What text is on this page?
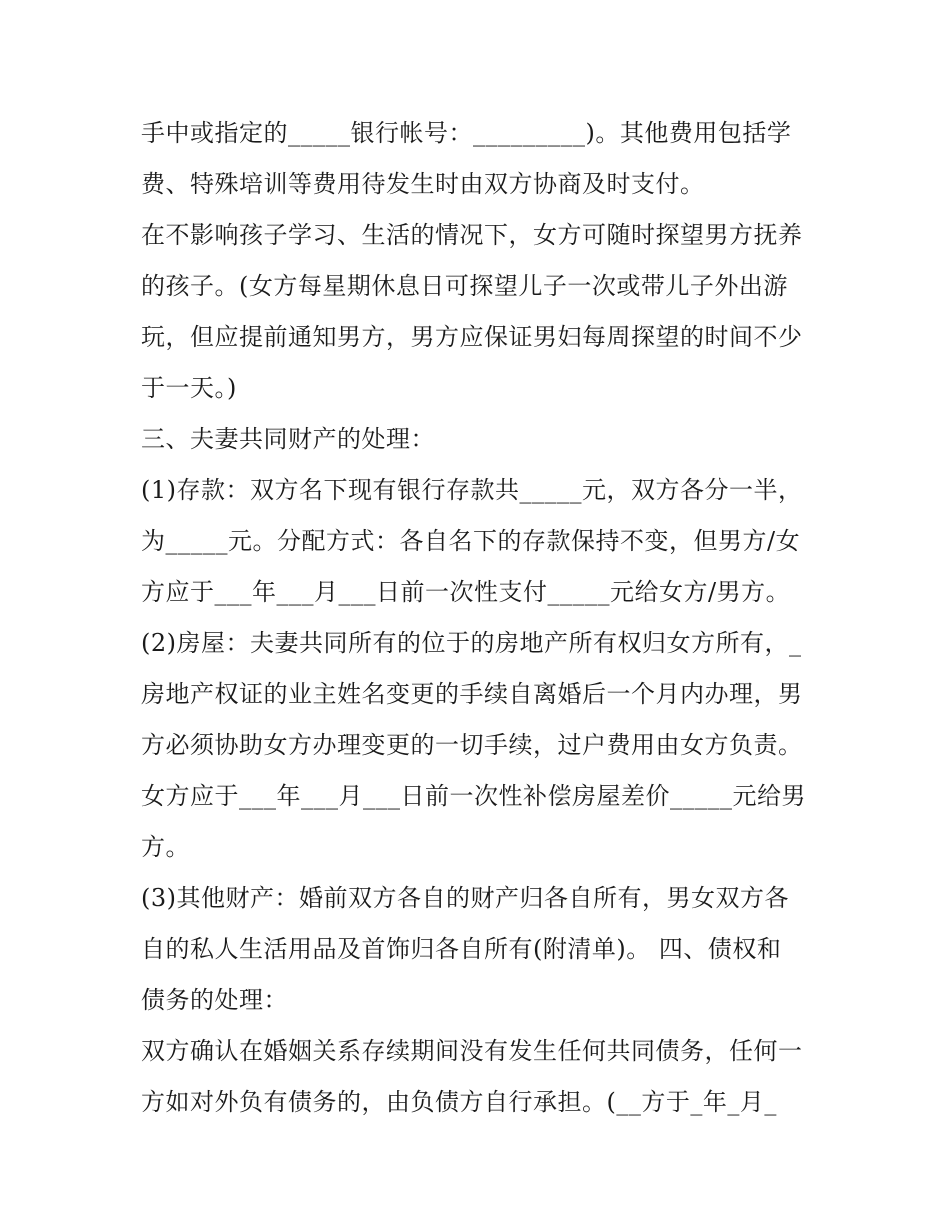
手中或指定的_____银行帐号：_________)。其他费用包括学
费、特殊培训等费用待发生时由双方协商及时支付。
在不影响孩子学习、生活的情况下，女方可随时探望男方抚养
的孩子。(女方每星期休息日可探望儿子一次或带儿子外出游
玩，但应提前通知男方，男方应保证男妇每周探望的时间不少
于一天。)
三、夫妻共同财产的处理：
(1)存款：双方名下现有银行存款共_____元，双方各分一半，
为_____元。分配方式：各自名下的存款保持不变，但男方/女
方应于___年___月___日前一次性支付_____元给女方/男方。
(2)房屋：夫妻共同所有的位于的房地产所有权归女方所有，_
房地产权证的业主姓名变更的手续自离婚后一个月内办理，男
方必须协助女方办理变更的一切手续，过户费用由女方负责。
女方应于___年___月___日前一次性补偿房屋差价_____元给男
方。
(3)其他财产：婚前双方各自的财产归各自所有，男女双方各
自的私人生活用品及首饰归各自所有(附清单)。 四、债权和
债务的处理：
双方确认在婚姻关系存续期间没有发生任何共同债务，任何一
方如对外负有债务的，由负债方自行承担。(__方于_年_月_
